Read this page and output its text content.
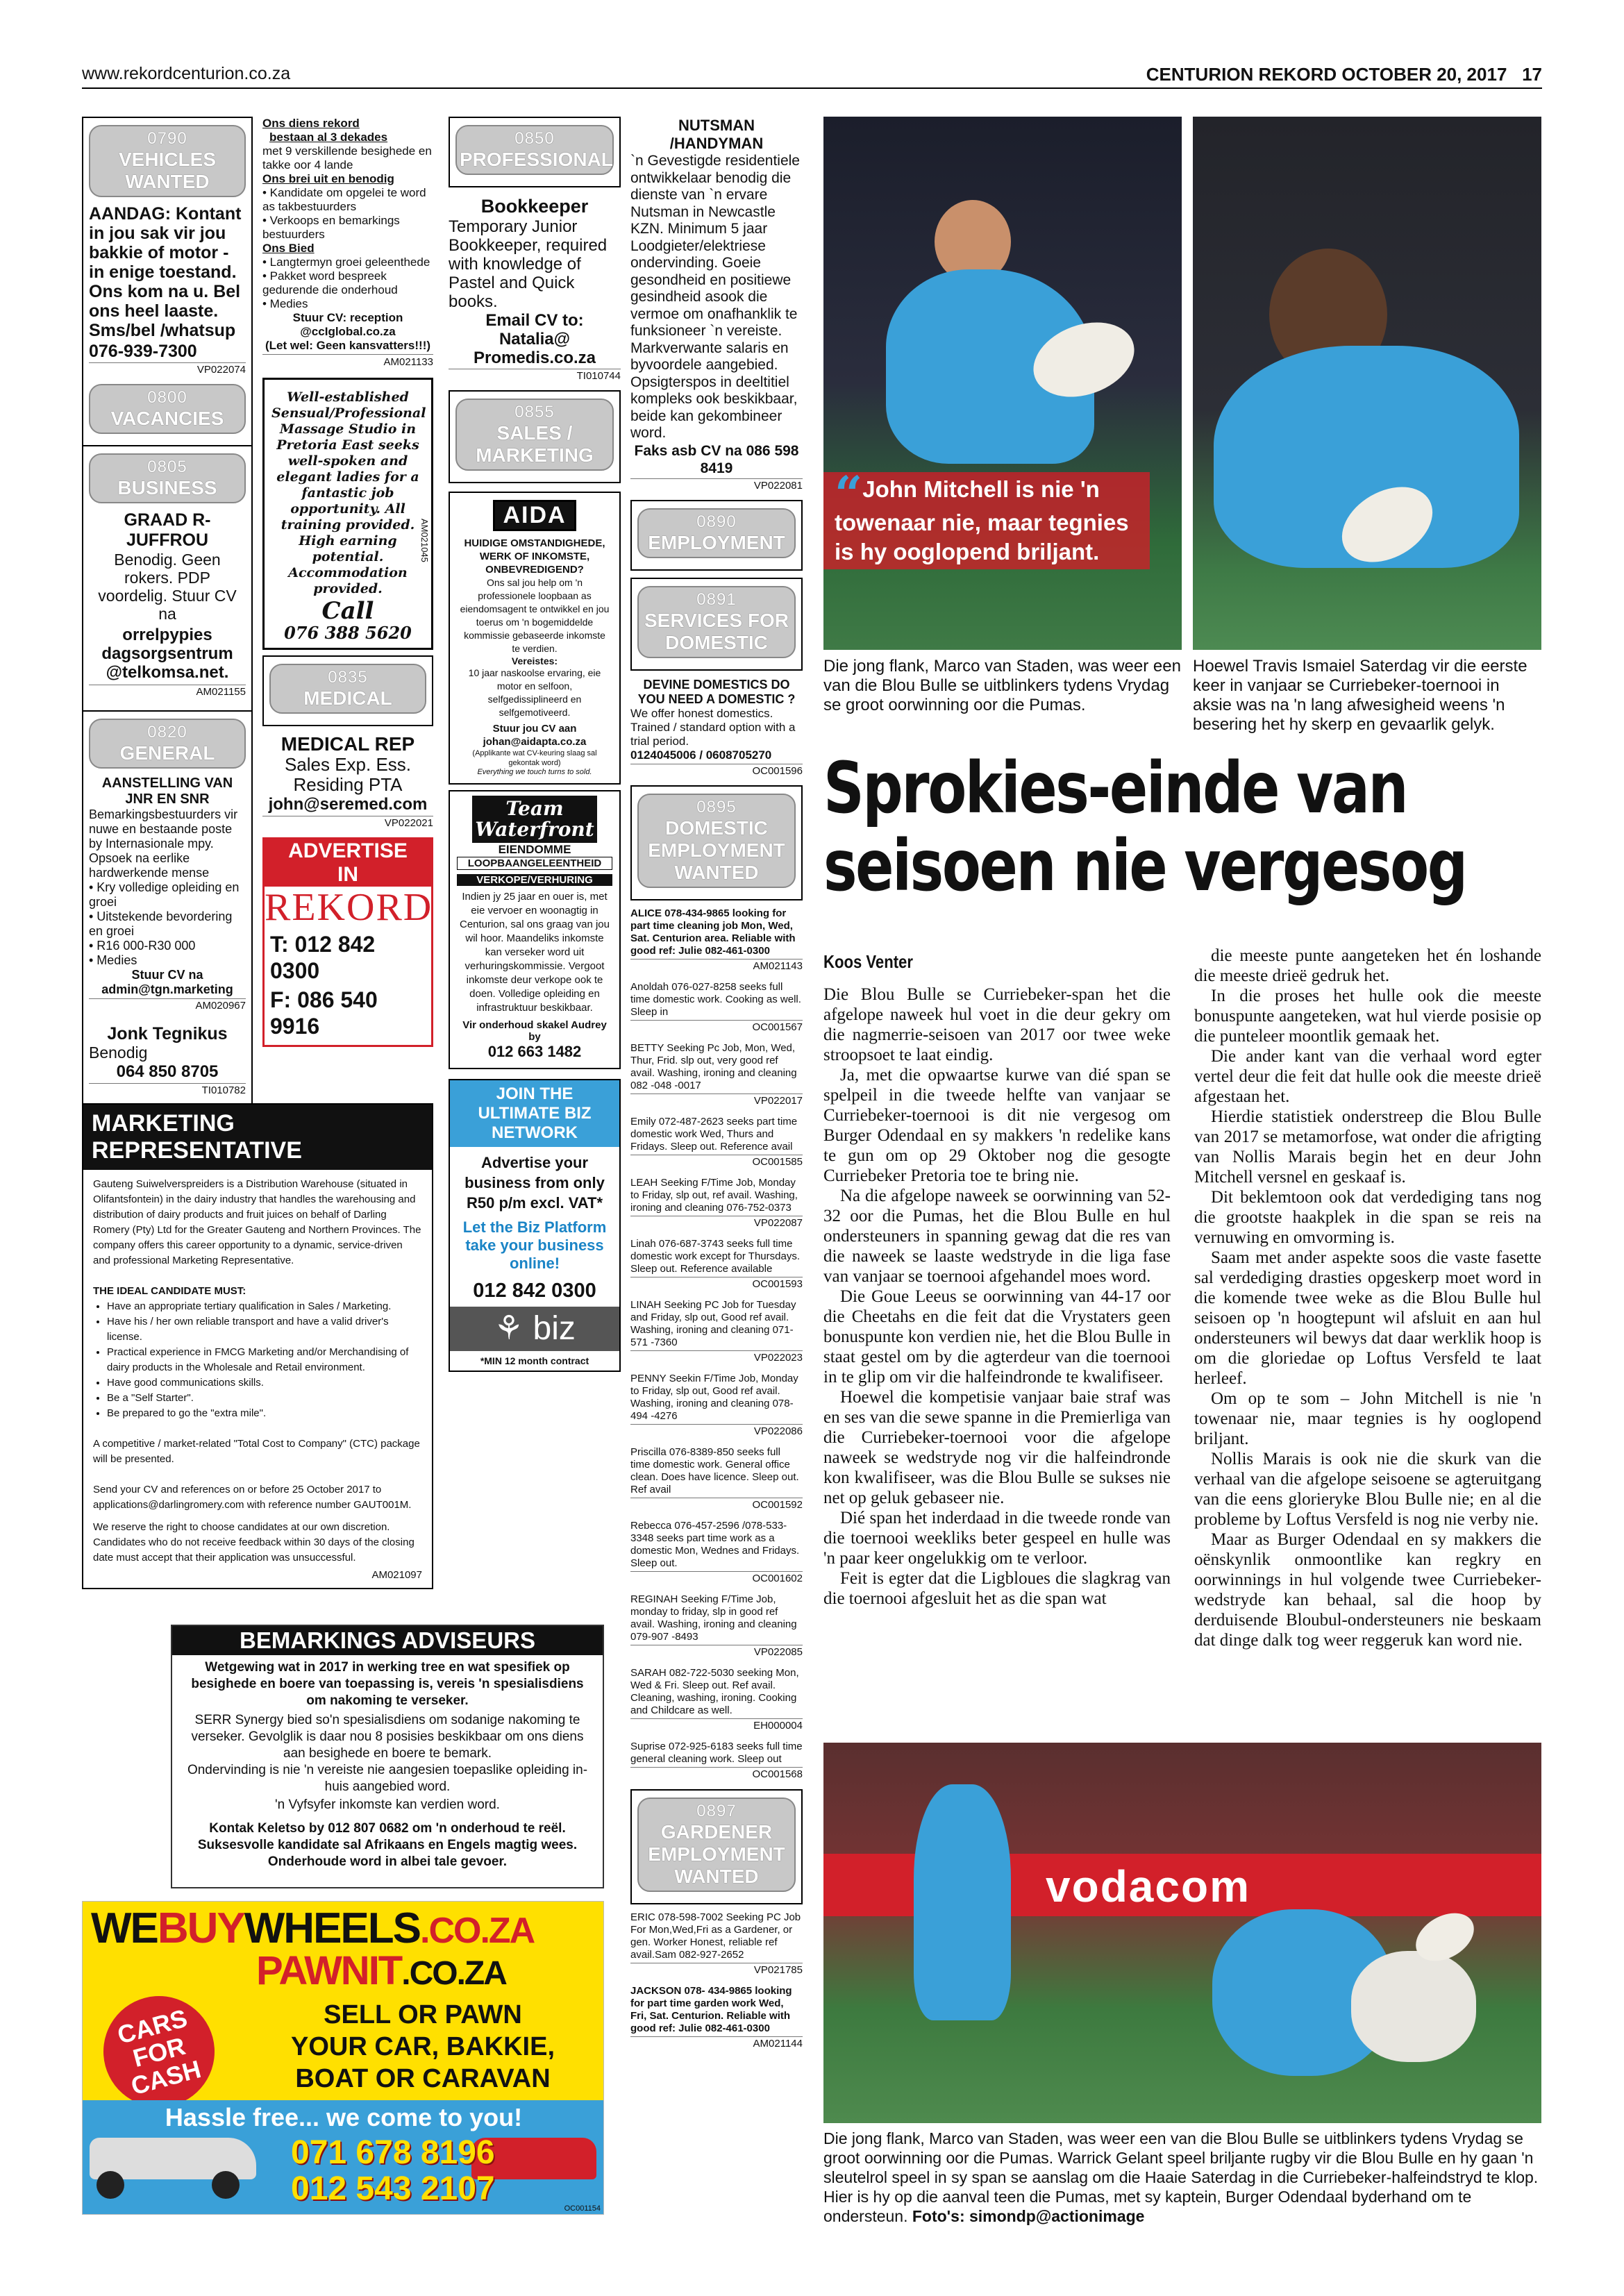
www.rekordcenturion.co.za	CENTURION REKORD OCTOBER 20, 2017 17
0790
VEHICLES WANTED
AANDAG: Kontant in jou sak vir jou bakkie of motor - in enige toestand. Ons kom na u. Bel ons heel laaste. Sms/bel /whatsup
076-939-7300
VP022074
0800
VACANCIES
0805
BUSINESS
GRAAD R-JUFFROU
Benodig. Geen rokers. PDP voordelig. Stuur CV na
orrelpypies dagsorgsentrum @telkomsa.net.
AM021155
0820
GENERAL
AANSTELLING VAN JNR EN SNR
Bemarkingsbestuurders vir nuwe en bestaande poste by Internasionale mpy. Opsoek na eerlike hardwerkende mense
• Kry volledige opleiding en groei
• Uitstekende bevordering en groei
• R16 000-R30 000
• Medies
Stuur CV na admin@tgn.marketing
AM020967
Jonk Tegnikus
Benodig
064 850 8705
TI010782
Ons diens rekord
bestaan al 3 dekades
met 9 verskillende besighede en takke oor 4 lande
Ons brei uit en benodig
• Kandidate om opgelei te word as takbestuurders
• Verkoops en bemarkings bestuurders
Ons Bied
• Langtermyn groei geleenthede
• Pakket word bespreek gedurende die onderhoud
• Medies
Stuur CV: reception @ccIglobal.co.za
(Let wel: Geen kansvatters!!!)
AM021133
Well-established Sensual/Professional Massage Studio in Pretoria East seeks well-spoken and elegant ladies for a fantastic job opportunity. All training provided. High earning potential. Accommodation provided.
Call
076 388 5620
AM021045
0835
MEDICAL
MEDICAL REP
Sales Exp. Ess.
Residing PTA
john@seremed.com
VP022021
ADVERTISE
IN
REKORD
T: 012 842 0300
F: 086 540 9916
MARKETING REPRESENTATIVE

Gauteng Suiwelverspreiders is a Distribution Warehouse (situated in Olifantsfontein) in the dairy industry that handles the warehousing and distribution of dairy products and fruit juices on behalf of Darling Romery (Pty) Ltd for the Greater Gauteng and Northern Provinces. The company offers this career opportunity to a dynamic, service-driven and professional Marketing Representative.

THE IDEAL CANDIDATE MUST:

• Have an appropriate tertiary qualification in Sales / Marketing.
• Have his / her own reliable transport and have a valid driver's license.
• Practical experience in FMCG Marketing and/or Merchandising of dairy products in the Wholesale and Retail environment.
• Have good communications skills.
• Be a "Self Starter".
• Be prepared to go the "extra mile".

A competitive / market-related "Total Cost to Company" (CTC) package will be presented.

Send your CV and references on or before 25 October 2017 to applications@darlingromery.com with reference number GAUT001M.

We reserve the right to choose candidates at our own discretion. Candidates who do not receive feedback within 30 days of the closing date must accept that their application was unsuccessful.

AM021097
0850
PROFESSIONAL
Bookkeeper
Temporary Junior Bookkeeper, required with knowledge of Pastel and Quick books.
Email CV to: Natalia@ Promedis.co.za
TI010744
0855
SALES / MARKETING
AIDA
HUIDIGE OMSTANDIGHEDE, WERK OF INKOMSTE, ONBEVREDIGEND?
Ons sal jou help om 'n professionele loopbaan as eiendomsagent te ontwikkel en jou toerus om 'n bogemiddelde kommissie gebaseerde inkomste te verdien.
Vereistes:
10 jaar naskoolse ervaring, eie motor en selfoon, selfgedissiplineerd en selfgemotiveerd.
Stuur jou CV aan johan@aidapta.co.za
(Applikante wat CV-keuring slaag sal gekontak word)
Everything we touch turns to sold.
Team
Waterfront
EIENDOMME
LOOPBAANGELEENTHEID
VERKOPE/VERHURING
Indien jy 25 jaar en ouer is, met eie vervoer en woonagtig in Centurion, sal ons graag van jou wil hoor. Maandeliks inkomste kan verseker word uit verhuringskommissie. Vergoot inkomste deur verkope ook te doen. Volledige opleiding en infrastruktuur beskikbaar.
Vir onderhoud skakel Audrey by
012 663 1482
JOIN THE ULTIMATE BIZ NETWORK
Advertise your business from only R50 p/m excl. VAT*
Let the Biz Platform take your business online!
012 842 0300
⚘ biz
*MIN 12 month contract
NUTSMAN /HANDYMAN
`n Gevestigde residentiele ontwikkelaar benodig die dienste van `n ervare Nutsman in Newcastle KZN. Minimum 5 jaar Loodgieter/elektriese ondervinding. Goeie gesondheid en positiewe gesindheid asook die vermoe om onafhanklik te funksioneer `n vereiste. Markverwante salaris en byvoordele aangebied. Opsigterspos in deeltitiel kompleks ook beskikbaar, beide kan gekombineer word.
Faks asb CV na 086 598 8419
VP022081
0890
EMPLOYMENT
0891
SERVICES FOR DOMESTIC
DEVINE DOMESTICS DO YOU NEED A DOMESTIC ?
We offer honest domestics. Trained / standard option with a trial period.
0124045006 / 0608705270
OC001596
0895
DOMESTIC EMPLOYMENT WANTED
ALICE 078-434-9865 looking for part time cleaning job Mon, Wed, Sat. Centurion area. Reliable with good ref: Julie 082-461-0300
AM021143
Anoldah 076-027-8258 seeks full time domestic work. Cooking as well. Sleep in
OC001567
BETTY Seeking Pc Job, Mon, Wed, Thur, Frid. slp out, very good ref avail. Washing, ironing and cleaning 082 -048 -0017
VP022017
Emily 072-487-2623 seeks part time domestic work Wed, Thurs and Fridays. Sleep out. Reference avail
OC001585
LEAH Seeking F/Time Job, Monday to Friday, slp out, ref avail. Washing, ironing and cleaning 076-752-0373
VP022087
Linah 076-687-3743 seeks full time domestic work except for Thursdays. Sleep out. Reference available
OC001593
LINAH Seeking PC Job for Tuesday and Friday, slp out, Good ref avail. Washing, ironing and cleaning 071-571 -7360
VP022023
PENNY Seekin F/Time Job, Monday to Friday, slp out, Good ref avail. Washing, ironing and cleaning 078-494 -4276
VP022086
Priscilla 076-8389-850 seeks full time domestic work. General office clean. Does have licence. Sleep out. Ref avail
OC001592
Rebecca 076-457-2596 /078-533-3348 seeks part time work as a domestic Mon, Wednes and Fridays. Sleep out.
OC001602
REGINAH Seeking F/Time Job, monday to friday, slp in good ref avail. Washing, ironing and cleaning 079-907 -8493
VP022085
SARAH 082-722-5030 seeking Mon, Wed & Fri. Sleep out. Ref avail. Cleaning, washing, ironing. Cooking and Childcare as well.
EH000004
Suprise 072-925-6183 seeks full time general cleaning work. Sleep out
OC001568
0897
GARDENER EMPLOYMENT WANTED
ERIC 078-598-7002 Seeking PC Job For Mon,Wed,Fri as a Gardener, or gen. Worker Honest, reliable ref avail.Sam 082-927-2652
VP021785
JACKSON 078- 434-9865 looking for part time garden work Wed, Fri, Sat. Centurion. Reliable with good ref: Julie 082-461-0300
AM021144
BEMARKINGS ADVISEURS

Wetgewing wat in 2017 in werking tree en wat spesifiek op besighede en boere van toepassing is, vereis 'n spesialisdiens om nakoming te verseker.

SERR Synergy bied so'n spesialisdiens om sodanige nakoming te verseker. Gevolglik is daar nou 8 posisies beskikbaar om ons diens aan besighede en boere te bemark.

Ondervinding is nie 'n vereiste nie aangesien toepaslike opleiding in-huis aangebied word.

'n Vyfsyfer inkomste kan verdien word.

Kontak Keletso by 012 807 0682 om 'n onderhoud te reël.

Suksesvolle kandidate sal Afrikaans en Engels magtig wees.

Onderhoude word in albei tale gevoer.

WEBUYWHEELS.CO.ZA
PAWNIT.CO.ZA
CARS FOR CASH
SELL OR PAWN
YOUR CAR, BAKKIE,
BOAT OR CARAVAN
Hassle free... we come to you!
071 678 8196
012 543 2107
OC001154
“John Mitchell is nie 'n towenaar nie, maar tegnies is hy ooglopend briljant.
Die jong flank, Marco van Staden, was weer een van die Blou Bulle se uitblinkers tydens Vrydag se groot oorwinning oor die Pumas.
Hoewel Travis Ismaiel Saterdag vir die eerste keer in vanjaar se Curriebeker-toernooi in aksie was na 'n lang afwesigheid weens 'n besering het hy skerp en gevaarlik gelyk.
Sprokies-einde van seisoen nie vergesog
Koos Venter

Die Blou Bulle se Curriebeker-span het die afgelope naweek hul voet in die deur gekry om die nagmerrie-seisoen van 2017 oor twee weke stroopsoet te laat eindig.

Ja, met die opwaartse kurwe van dié span se spelpeil in die tweede helfte van vanjaar se Curriebeker-toernooi is dit nie vergesog om Burger Odendaal en sy makkers 'n redelike kans te gun om op 29 Oktober nog die gesogte Curriebeker Pretoria toe te bring nie.

Na die afgelope naweek se oorwinning van 52-32 oor die Pumas, het die Blou Bulle en hul ondersteuners in spanning gewag dat die res van die naweek se laaste wedstryde in die liga fase van vanjaar se toernooi afgehandel moes word.

Die Goue Leeus se oorwinning van 44-17 oor die Cheetahs en die feit dat die Vrystaters geen bonuspunte kon verdien nie, het die Blou Bulle in staat gestel om by die agterdeur van die toernooi in te glip om vir die halfeindronde te kwalifiseer.

Hoewel die kompetisie vanjaar baie straf was en ses van die sewe spanne in die Premierliga van die Curriebeker-toernooi voor die afgelope naweek se wedstryde nog vir die halfeindronde kon kwalifiseer, was die Blou Bulle se sukses nie net op geluk gebaseer nie.

Dié span het inderdaad in die tweede ronde van die toernooi weekliks beter gespeel en hulle was 'n paar keer ongelukkig om te verloor.

Feit is egter dat die Ligbloues die slagkrag van die toernooi afgesluit het as die span wat

die meeste punte aangeteken het én loshande die meeste drieë gedruk het.

In die proses het hulle ook die meeste bonuspunte aangeteken, wat hul vierde posisie op die punteleer moontlik gemaak het.

Die ander kant van die verhaal word egter vertel deur die feit dat hulle ook die meeste drieë afgestaan het.

Hierdie statistiek onderstreep die Blou Bulle van 2017 se metamorfose, wat onder die afrigting van Nollis Marais begin het en deur John Mitchell versnel en geskaaf is.

Dit beklemtoon ook dat verdediging tans nog die grootste haakplek in die span se reis na vernuwing en omvorming is.

Saam met ander aspekte soos die vaste fasette sal verdediging drasties opgeskerp moet word in die komende twee weke as die Blou Bulle hul seisoen op 'n hoogtepunt wil afsluit en aan hul ondersteuners wil bewys dat daar werklik hoop is om die gloriedae op Loftus Versfeld te laat herleef.

Om op te som – John Mitchell is nie 'n towenaar nie, maar tegnies is hy ooglopend briljant.

Nollis Marais is ook nie die skurk van die verhaal van die afgelope seisoene se agteruitgang van die eens glorieryke Blou Bulle nie; en al die probleme by Loftus Versfeld is nog nie verby nie.

Maar as Burger Odendaal en sy makkers die oënskynlik onmoontlike kan regkry en oorwinnings in hul volgende twee Curriebeker-wedstryde kan behaal, sal die hoop by derduisende Bloubul-ondersteuners nie beskaam dat dinge dalk tog weer reggeruk kan word nie.

vodacom
Die jong flank, Marco van Staden, was weer een van die Blou Bulle se uitblinkers tydens Vrydag se groot oorwinning oor die Pumas. Warrick Gelant speel briljante rugby vir die Blou Bulle en hy gaan 'n sleutelrol speel in sy span se aanslag om die Haaie Saterdag in die Curriebeker-halfeindstryd te klop. Hier is hy op die aanval teen die Pumas, met sy kaptein, Burger Odendaal byderhand om te ondersteun. Foto's: simondp@actionimage
